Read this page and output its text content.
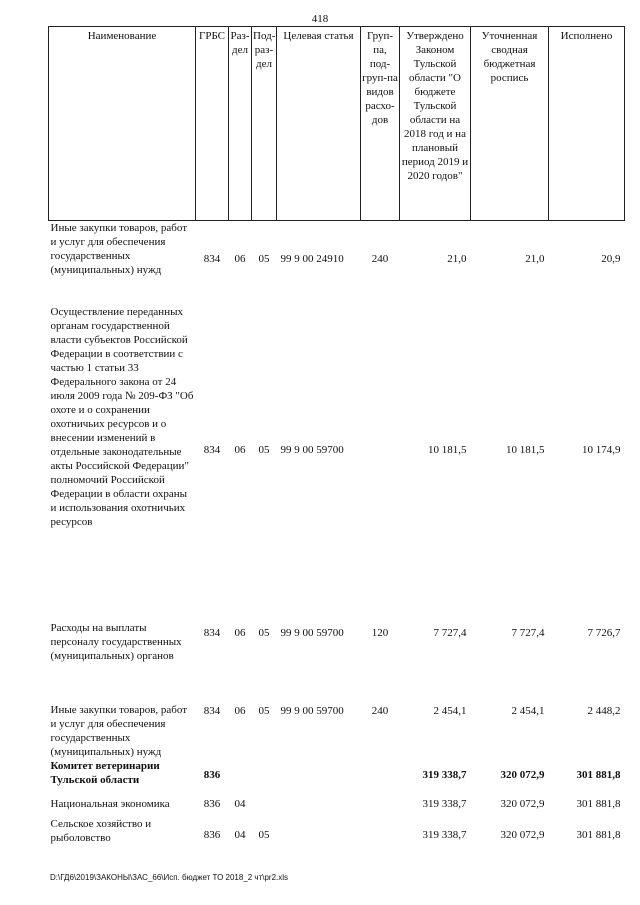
418
Наименование	ГРБС	Раз-дел	Под-раз-дел	Целевая статья	Груп-па, под-груп-па видов расхо-дов	Утверждено Законом Тульской области "О бюджете Тульской области на 2018 год и на плановый период 2019 и 2020 годов"	Уточненная сводная бюджетная роспись	Исполнено
Иные закупки товаров, работ и услуг для обеспечения государственных (муниципальных) нужд	834	06	05	99 9 00 24910	240	21,0	21,0	20,9
Осуществление переданных органам государственной власти субъектов Российской Федерации в соответствии с частью 1 статьи 33 Федерального закона от 24 июля 2009 года № 209-ФЗ "Об охоте и о сохранении охотничьих ресурсов и о внесении изменений в отдельные законодательные акты Российской Федерации" полномочий Российской Федерации в области охраны и использования охотничьих ресурсов	834	06	05	99 9 00 59700		10 181,5	10 181,5	10 174,9
Расходы на выплаты персоналу государственных (муниципальных) органов	834	06	05	99 9 00 59700	120	7 727,4	7 727,4	7 726,7
Иные закупки товаров, работ и услуг для обеспечения государственных (муниципальных) нужд	834	06	05	99 9 00 59700	240	2 454,1	2 454,1	2 448,2
Комитет ветеринарии Тульской области	836					319 338,7	320 072,9	301 881,8
Национальная экономика	836	04				319 338,7	320 072,9	301 881,8
Сельское хозяйство и рыболовство	836	04	05			319 338,7	320 072,9	301 881,8
D:\ГД6\2019\ЗАКОНЫ\ЗАС_66\Исп. бюджет ТО 2018_2 чт\pr2.xls
